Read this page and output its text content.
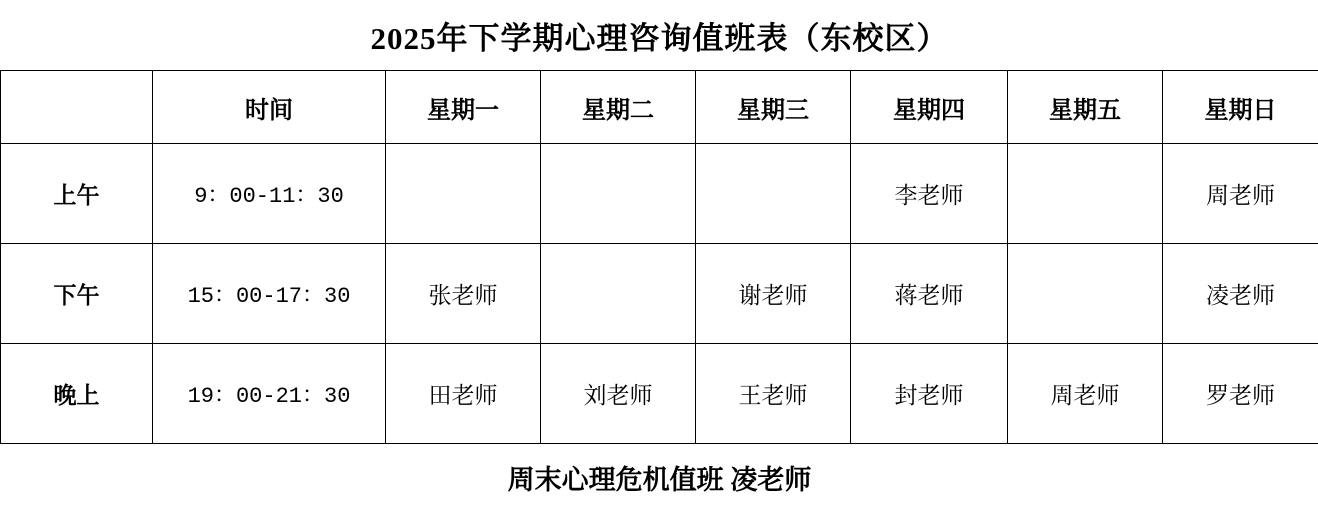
2025年下学期心理咨询值班表（东校区）							
	时间	星期一	星期二	星期三	星期四	星期五	星期日
上午	9：00-11：30				李老师		周老师
下午	15：00-17：30	张老师		谢老师	蒋老师		凌老师
晚上	19：00-21：30	田老师	刘老师	王老师	封老师	周老师	罗老师
周末心理危机值班 凌老师							
